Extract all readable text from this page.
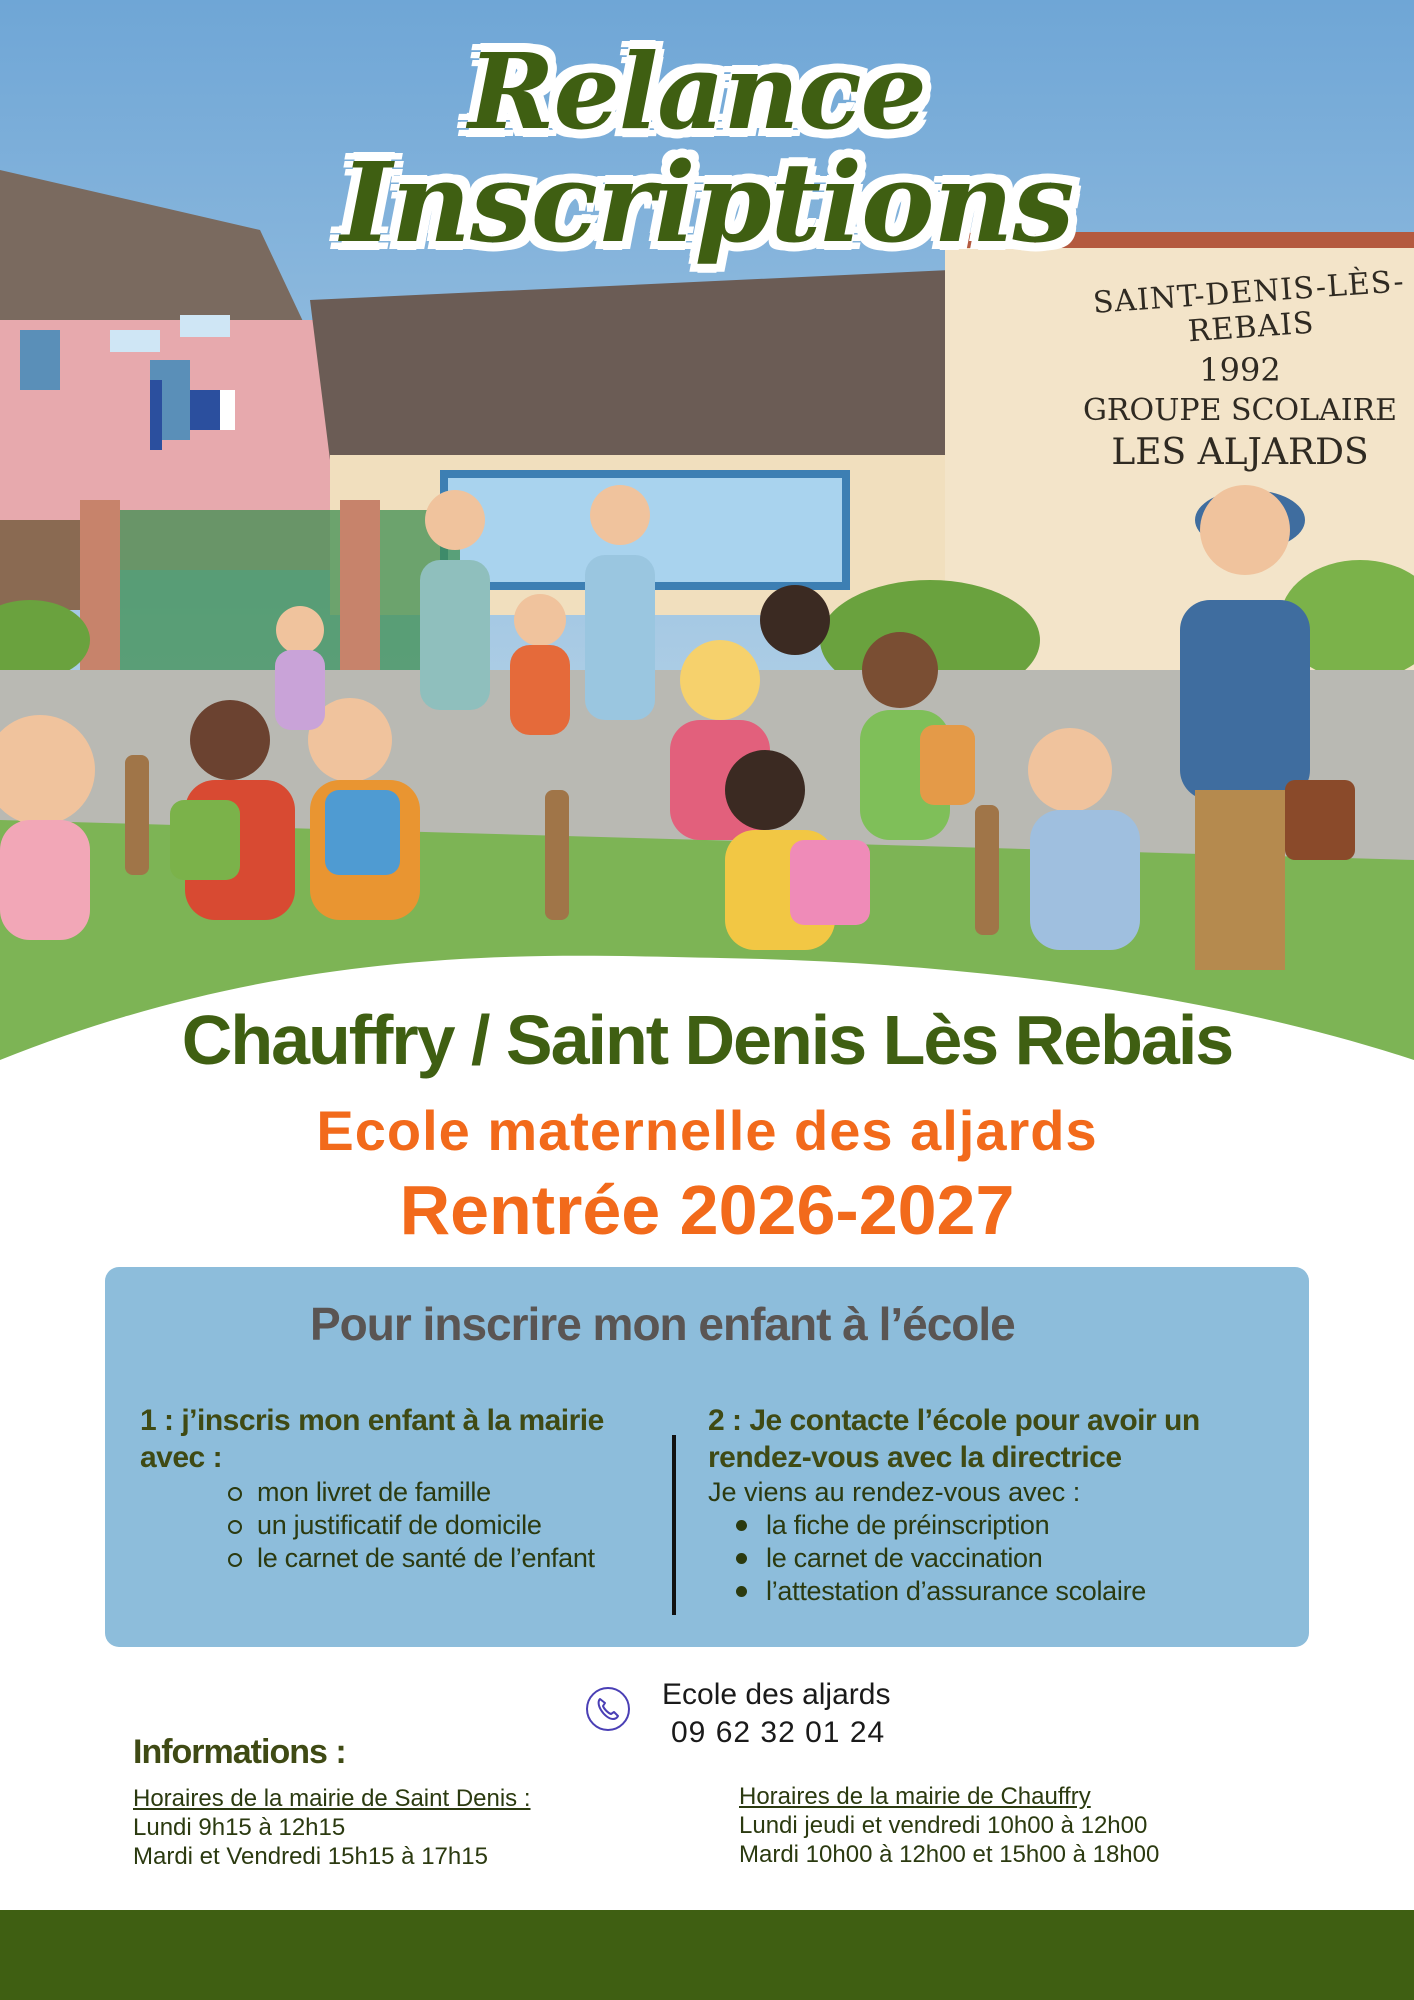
Relance
Inscriptions
SAINT-DENIS-LÈS-REBAIS
1992
GROUPE SCOLAIRE
LES ALJARDS
Chauffry / Saint Denis Lès Rebais
Ecole maternelle des aljards
Rentrée 2026-2027
Pour inscrire mon enfant à l’école
1 : j’inscris mon enfant à la mairie avec :
mon livret de famille
un justificatif de domicile
le carnet de santé de l’enfant
2 : Je contacte l’école pour avoir un rendez-vous avec la directrice
Je viens au rendez-vous avec :
la fiche de préinscription
le carnet de vaccination
l’attestation d’assurance scolaire
Ecole des aljards
09 62 32 01 24
Informations :
Horaires de la mairie de Saint Denis :
Lundi 9h15 à 12h15
Mardi et Vendredi 15h15 à 17h15
Horaires de la mairie de Chauffry
Lundi jeudi et vendredi 10h00 à 12h00
Mardi 10h00 à 12h00 et 15h00 à 18h00
